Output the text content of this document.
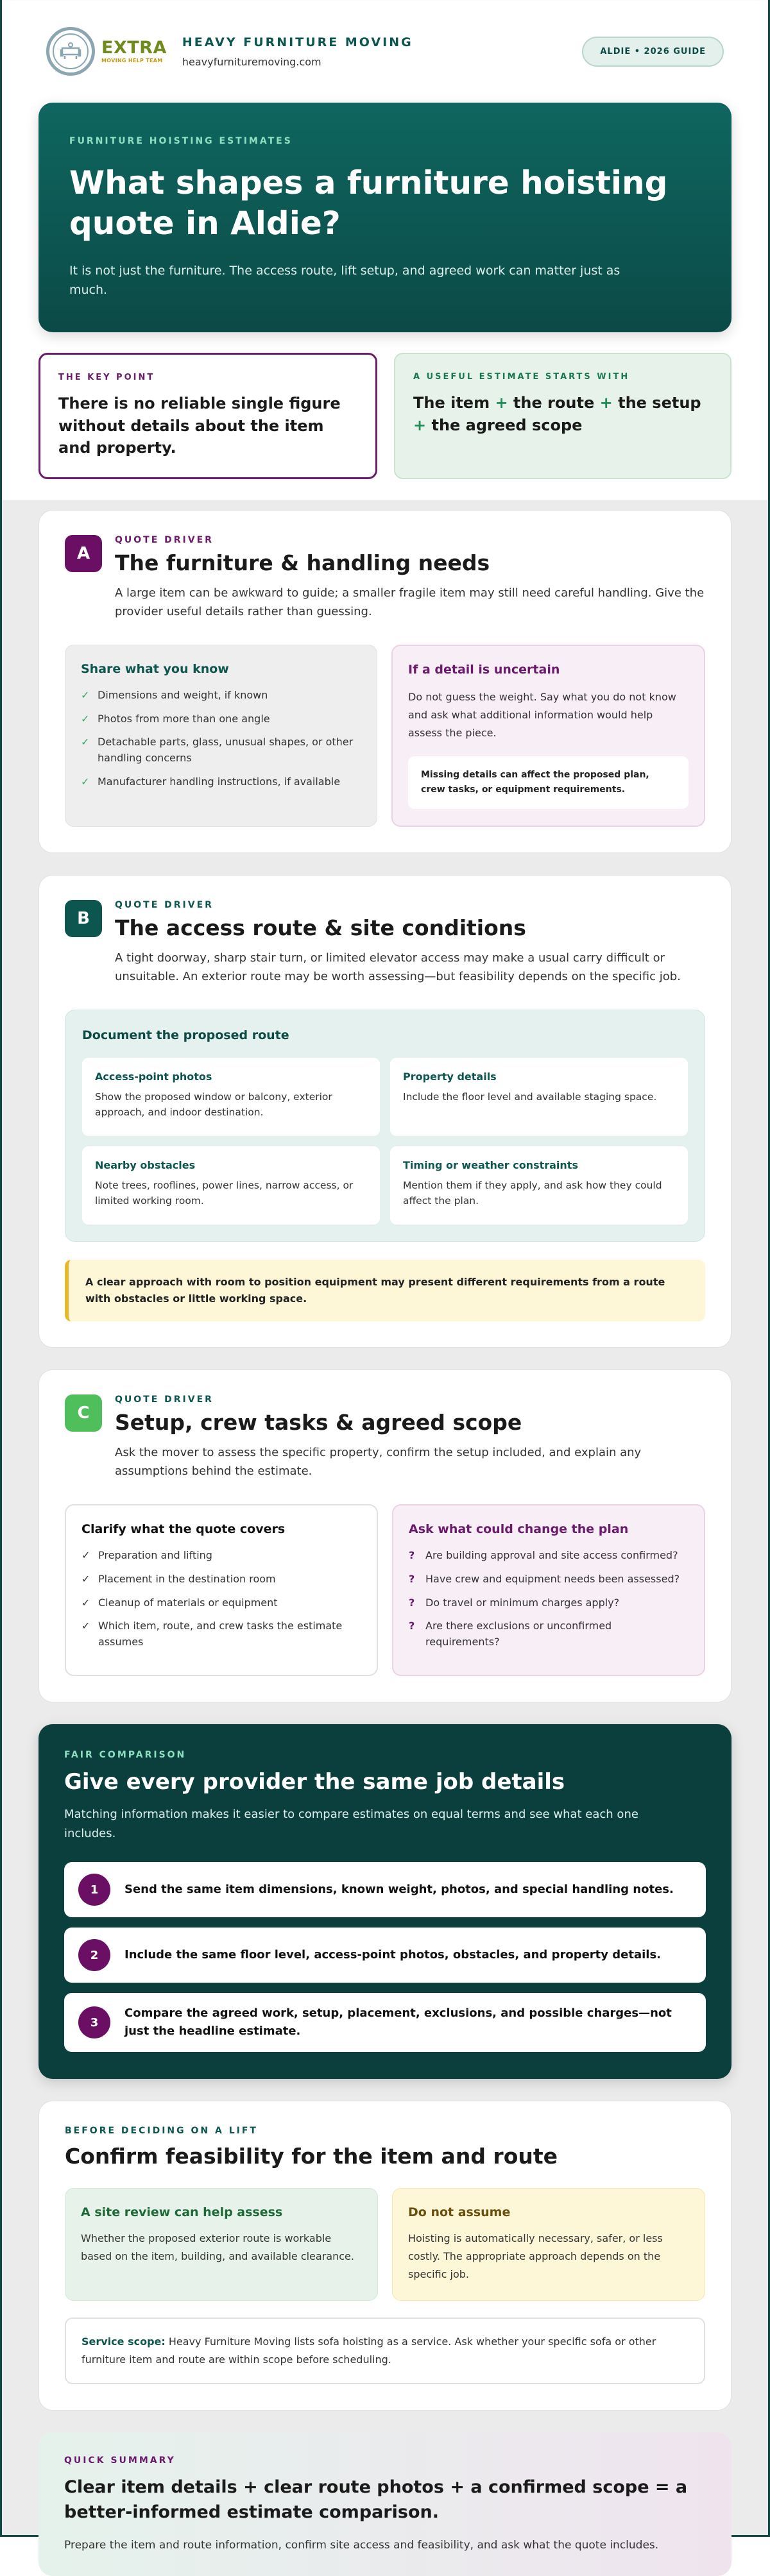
EXTRA
MOVING HELP TEAM
HEAVY FURNITURE MOVING
heavyfurnituremoving.com
ALDIE • 2026 GUIDE
FURNITURE HOISTING ESTIMATES
What shapes a furniture hoisting quote in Aldie?

It is not just the furniture. The access route, lift setup, and agreed work can matter just as much.

THE KEY POINT
There is no reliable single figure without details about the item and property.
A USEFUL ESTIMATE STARTS WITH
The item + the route + the setup + the agreed scope
A
QUOTE DRIVER
The furniture & handling needs

A large item can be awkward to guide; a smaller fragile item may still need careful handling. Give the provider useful details rather than guessing.

Share what you know
✓ Dimensions and weight, if known
✓ Photos from more than one angle
✓ Detachable parts, glass, unusual shapes, or other handling concerns
✓ Manufacturer handling instructions, if available
If a detail is uncertain

Do not guess the weight. Say what you do not know and ask what additional information would help assess the piece.

Missing details can affect the proposed plan, crew tasks, or equipment requirements.
B
QUOTE DRIVER
The access route & site conditions

A tight doorway, sharp stair turn, or limited elevator access may make a usual carry difficult or unsuitable. An exterior route may be worth assessing—but feasibility depends on the specific job.

Document the proposed route
Access-point photos

Show the proposed window or balcony, exterior approach, and indoor destination.

Property details

Include the floor level and available staging space.

Nearby obstacles

Note trees, rooflines, power lines, narrow access, or limited working room.

Timing or weather constraints

Mention them if they apply, and ask how they could affect the plan.

A clear approach with room to position equipment may present different requirements from a route with obstacles or little working space.
C
QUOTE DRIVER
Setup, crew tasks & agreed scope

Ask the mover to assess the specific property, confirm the setup included, and explain any assumptions behind the estimate.

Clarify what the quote covers
✓ Preparation and lifting
✓ Placement in the destination room
✓ Cleanup of materials or equipment
✓ Which item, route, and crew tasks the estimate assumes
Ask what could change the plan
?	Are building approval and site access confirmed?
?	Have crew and equipment needs been assessed?
?	Do travel or minimum charges apply?
?	Are there exclusions or unconfirmed requirements?
FAIR COMPARISON
Give every provider the same job details

Matching information makes it easier to compare estimates on equal terms and see what each one includes.

1	Send the same item dimensions, known weight, photos, and special handling notes.
2	Include the same floor level, access-point photos, obstacles, and property details.
3
Compare the agreed work, setup, placement, exclusions, and possible charges—not just the headline estimate.
BEFORE DECIDING ON A LIFT
Confirm feasibility for the item and route
A site review can help assess

Whether the proposed exterior route is workable based on the item, building, and available clearance.

Do not assume

Hoisting is automatically necessary, safer, or less costly. The appropriate approach depends on the specific job.

Service scope: Heavy Furniture Moving lists sofa hoisting as a service. Ask whether your specific sofa or other furniture item and route are within scope before scheduling.
QUICK SUMMARY
Clear item details + clear route photos + a confirmed scope = a better-informed estimate comparison.

Prepare the item and route information, confirm site access and feasibility, and ask what the quote includes.
